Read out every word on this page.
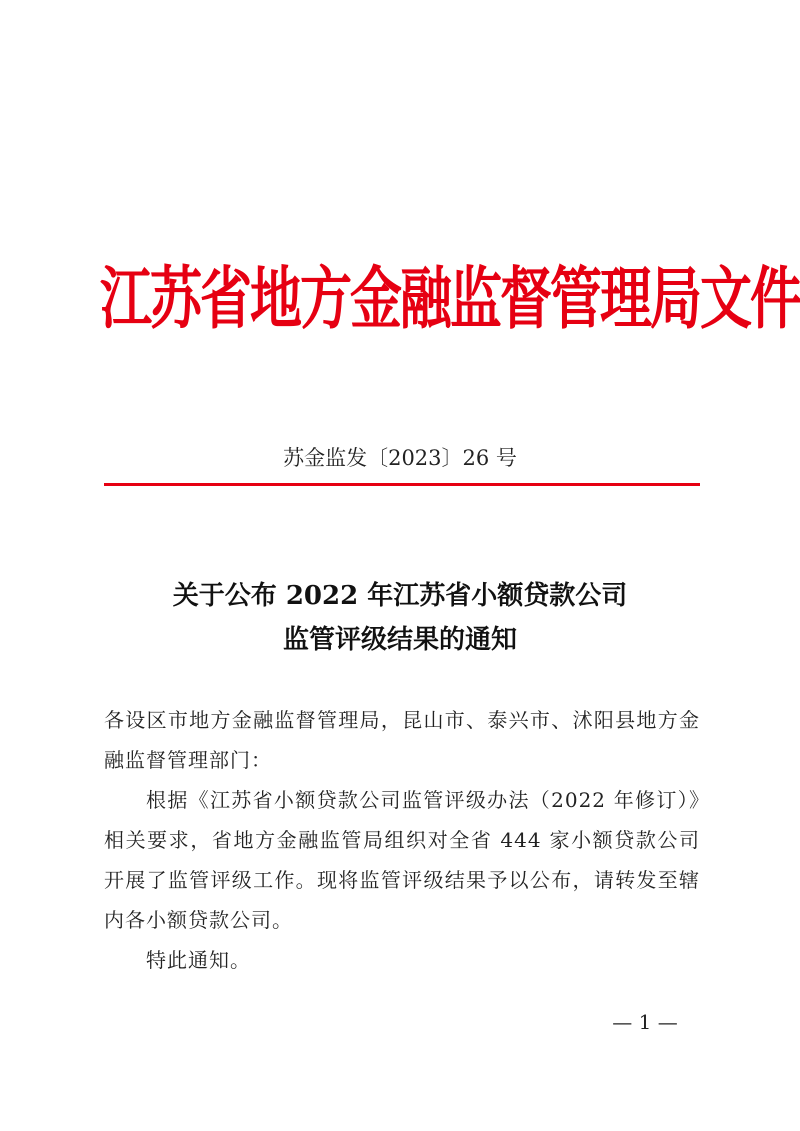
江苏省地方金融监督管理局文件
苏金监发〔2023〕26 号
关于公布 2022 年江苏省小额贷款公司
监管评级结果的通知

各设区市地方金融监督管理局，昆山市、泰兴市、沭阳县地方金融监督管理部门：

根据《江苏省小额贷款公司监管评级办法（2022 年修订）》相关要求，省地方金融监管局组织对全省 444 家小额贷款公司开展了监管评级工作。现将监管评级结果予以公布，请转发至辖内各小额贷款公司。

特此通知。

— 1 —
